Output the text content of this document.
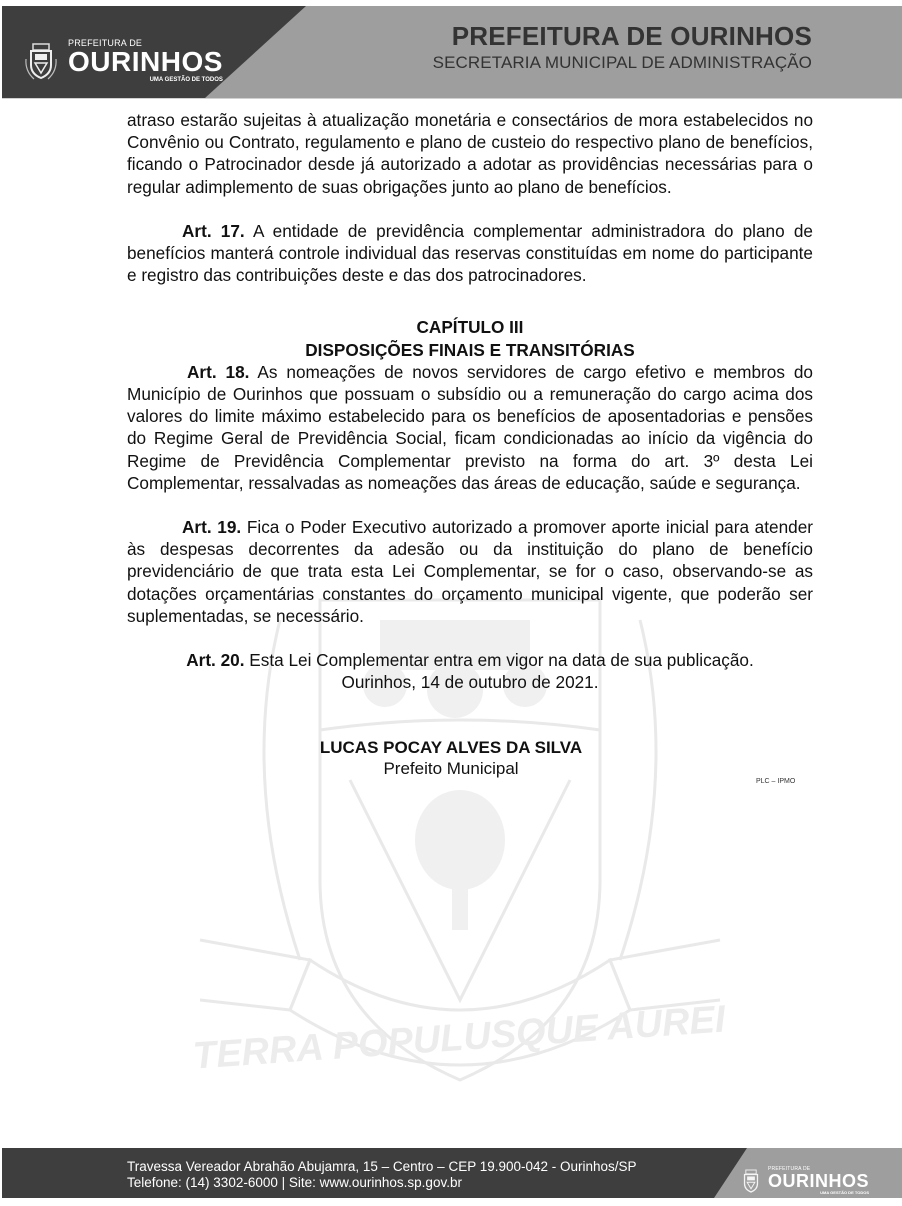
PREFEITURA DE
OURINHOS
UMA GESTÃO DE TODOS
PREFEITURA DE OURINHOS
SECRETARIA MUNICIPAL DE ADMINISTRAÇÃO
TERRA POPULUSQUE AUREI

atraso estarão sujeitas à atualização monetária e consectários de mora estabelecidos no Convênio ou Contrato, regulamento e plano de custeio do respectivo plano de benefícios, ficando o Patrocinador desde já autorizado a adotar as providências necessárias para o regular adimplemento de suas obrigações junto ao plano de benefícios.

Art. 17. A entidade de previdência complementar administradora do plano de benefícios manterá controle individual das reservas constituídas em nome do participante e registro das contribuições deste e das dos patrocinadores.

CAPÍTULO III

DISPOSIÇÕES FINAIS E TRANSITÓRIAS

Art. 18. As nomeações de novos servidores de cargo efetivo e membros do Município de Ourinhos que possuam o subsídio ou a remuneração do cargo acima dos valores do limite máximo estabelecido para os benefícios de aposentadorias e pensões do Regime Geral de Previdência Social, ficam condicionadas ao início da vigência do Regime de Previdência Complementar previsto na forma do art. 3º desta Lei Complementar, ressalvadas as nomeações das áreas de educação, saúde e segurança.

Art. 19. Fica o Poder Executivo autorizado a promover aporte inicial para atender às despesas decorrentes da adesão ou da instituição do plano de benefício previdenciário de que trata esta Lei Complementar, se for o caso, observando-se as dotações orçamentárias constantes do orçamento municipal vigente, que poderão ser suplementadas, se necessário.

Art. 20. Esta Lei Complementar entra em vigor na data de sua publicação.

Ourinhos, 14 de outubro de 2021.

LUCAS POCAY ALVES DA SILVA
Prefeito Municipal
PLC – IPMO
Travessa Vereador Abrahão Abujamra, 15 – Centro – CEP 19.900-042 - Ourinhos/SP
Telefone: (14) 3302-6000 | Site: www.ourinhos.sp.gov.br
PREFEITURA DE
OURINHOS
UMA GESTÃO DE TODOS
